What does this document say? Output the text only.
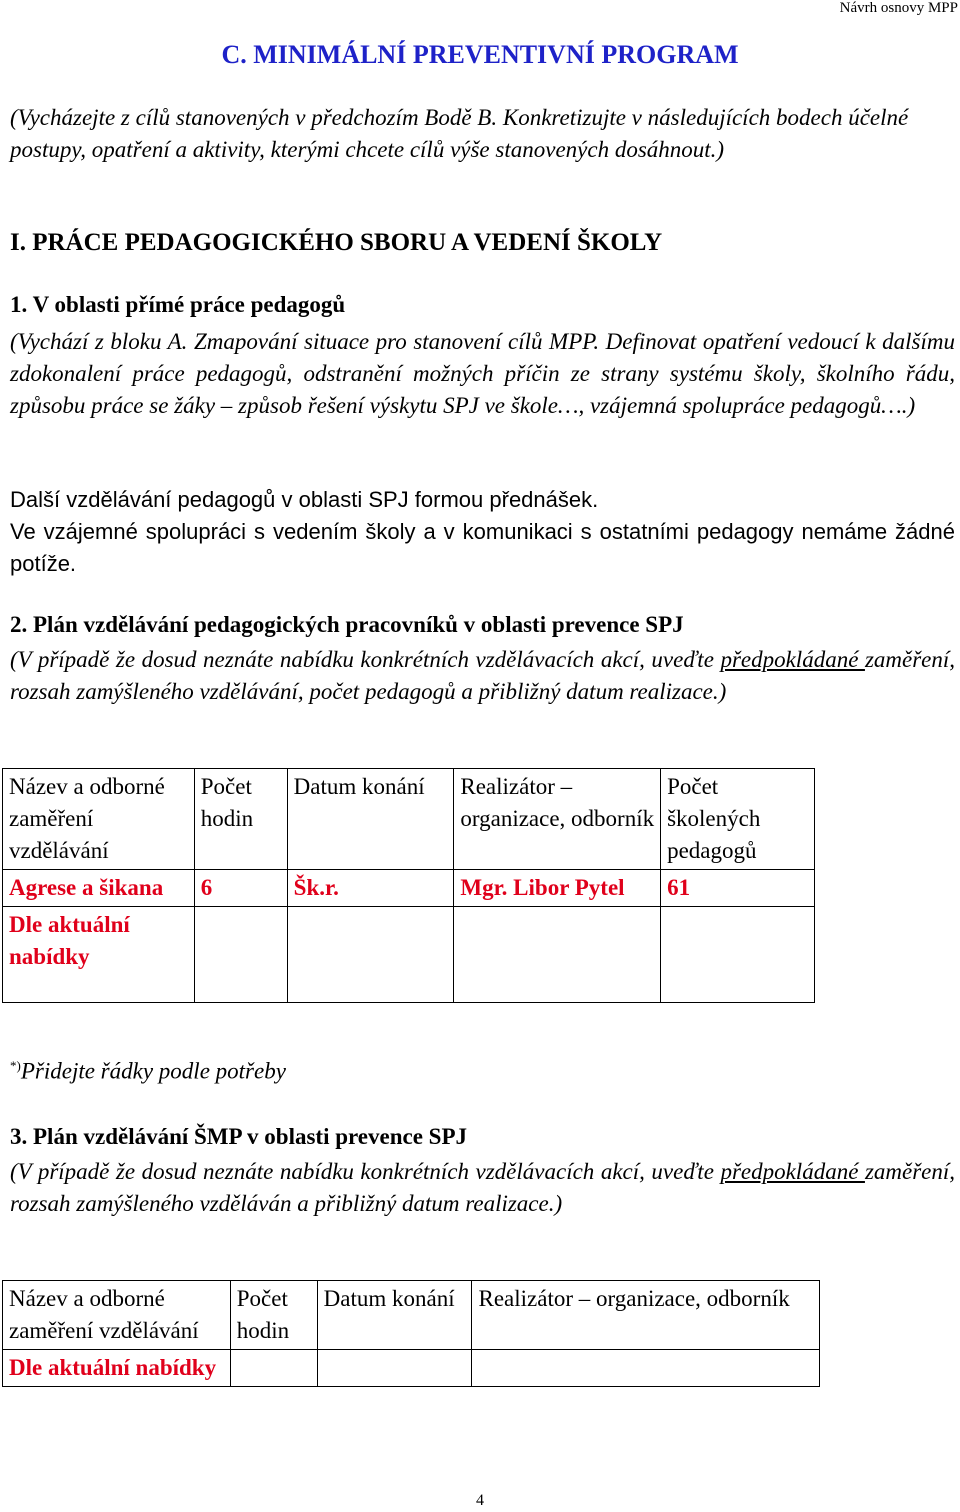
Návrh osnovy MPP
C. MINIMÁLNÍ PREVENTIVNÍ PROGRAM

(Vycházejte z cílů stanovených v předchozím Bodě B. Konkretizujte v následujících bodech účelné postupy, opatření a aktivity, kterými chcete cílů výše stanovených dosáhnout.)

I. PRÁCE PEDAGOGICKÉHO SBORU A VEDENÍ ŠKOLY
1. V oblasti přímé práce pedagogů

(Vychází z bloku A. Zmapování situace pro stanovení cílů MPP. Definovat opatření vedoucí k dalšímu zdokonalení práce pedagogů, odstranění možných příčin ze strany systému školy, školního řádu, způsobu práce se žáky – způsob řešení výskytu SPJ ve škole…, vzájemná spolupráce pedagogů….)

Další vzdělávání pedagogů v oblasti SPJ formou přednášek.

Ve vzájemné spolupráci s vedením školy a v komunikaci s ostatními pedagogy nemáme žádné potíže.

2. Plán vzdělávání pedagogických pracovníků v oblasti prevence SPJ

(V případě že dosud neznáte nabídku konkrétních vzdělávacích akcí, uveďte předpokládané zaměření, rozsah zamýšleného vzdělávání, počet pedagogů a přibližný datum realizace.)

Název a odborné zaměření vzdělávání	Počet hodin	Datum konání	Realizátor – organizace, odborník	Počet školených pedagogů
Agrese a šikana	6	Šk.r.	Mgr. Libor Pytel	61
Dle aktuální nabídky				
*)Přidejte řádky podle potřeby
3. Plán vzdělávání ŠMP v oblasti prevence SPJ

(V případě že dosud neznáte nabídku konkrétních vzdělávacích akcí, uveďte předpokládané zaměření, rozsah zamýšleného vzděláván a přibližný datum realizace.)

Název a odborné zaměření vzdělávání	Počet hodin	Datum konání	Realizátor – organizace, odborník
Dle aktuální nabídky			
4
